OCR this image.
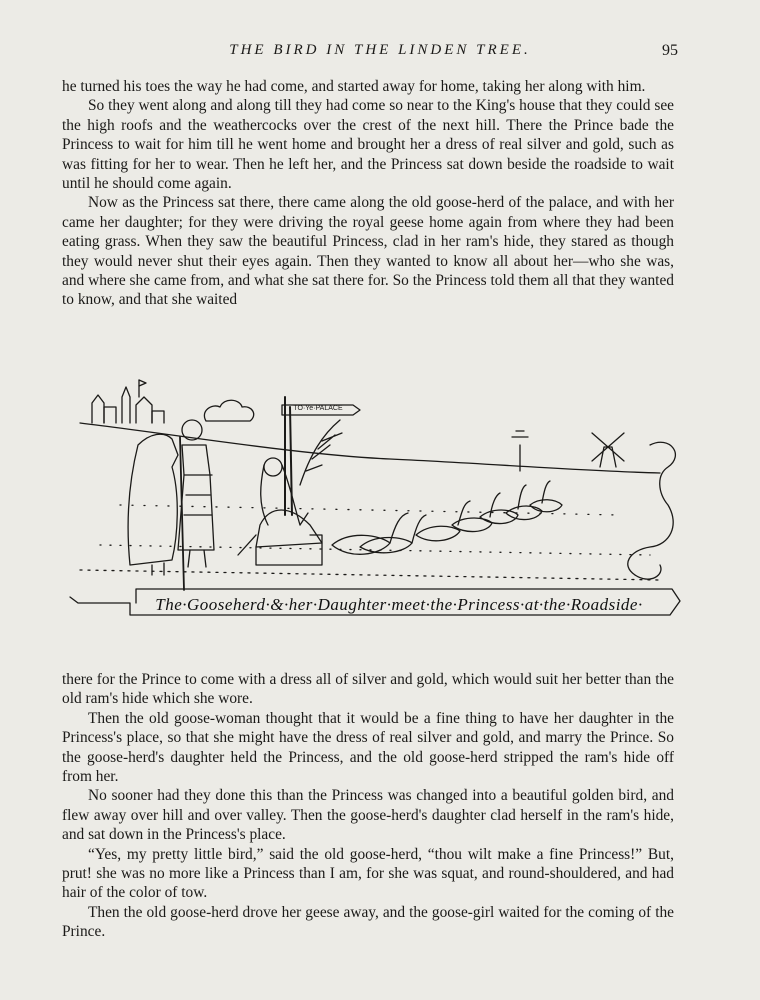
THE BIRD IN THE LINDEN TREE.	95

he turned his toes the way he had come, and started away for home, taking her along with him.

So they went along and along till they had come so near to the King's house that they could see the high roofs and the weathercocks over the crest of the next hill. There the Prince bade the Princess to wait for him till he went home and brought her a dress of real silver and gold, such as was fitting for her to wear. Then he left her, and the Princess sat down beside the roadside to wait until he should come again.

Now as the Princess sat there, there came along the old goose-herd of the palace, and with her came her daughter; for they were driving the royal geese home again from where they had been eating grass. When they saw the beautiful Princess, clad in her ram's hide, they stared as though they would never shut their eyes again. Then they wanted to know all about her—who she was, and where she came from, and what she sat there for. So the Princess told them all that they wanted to know, and that she waited

TO·Ye·PALACE
The·Gooseherd·&·her·Daughter·meet·the·Princess·at·the·Roadside·

there for the Prince to come with a dress all of silver and gold, which would suit her better than the old ram's hide which she wore.

Then the old goose-woman thought that it would be a fine thing to have her daughter in the Princess's place, so that she might have the dress of real silver and gold, and marry the Prince. So the goose-herd's daughter held the Princess, and the old goose-herd stripped the ram's hide off from her.

No sooner had they done this than the Princess was changed into a beautiful golden bird, and flew away over hill and over valley. Then the goose-herd's daughter clad herself in the ram's hide, and sat down in the Princess's place.

“Yes, my pretty little bird,” said the old goose-herd, “thou wilt make a fine Princess!” But, prut! she was no more like a Princess than I am, for she was squat, and round-shouldered, and had hair of the color of tow.

Then the old goose-herd drove her geese away, and the goose-girl waited for the coming of the Prince.
